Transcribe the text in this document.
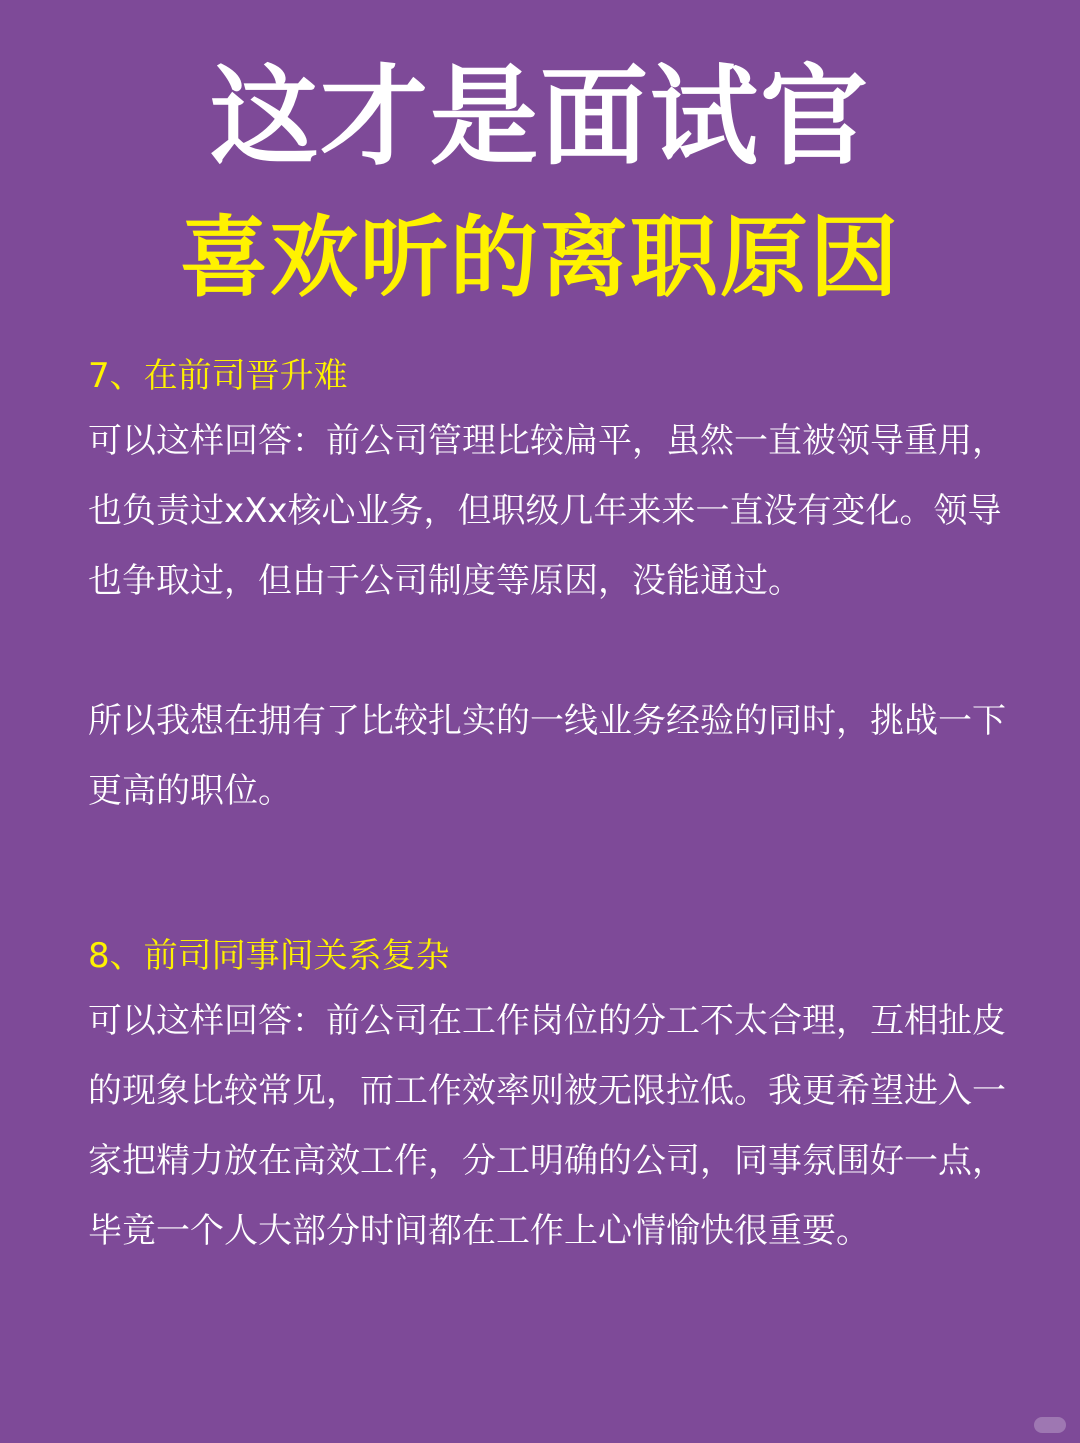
这才是面试官
喜欢听的离职原因

7、在前司晋升难

可以这样回答：前公司管理比较扁平，虽然一直被领导重用，也负责过xXx核心业务，但职级几年来来一直没有变化。领导也争取过，但由于公司制度等原因，没能通过。

所以我想在拥有了比较扎实的一线业务经验的同时，挑战一下更高的职位。

8、前司同事间关系复杂

可以这样回答：前公司在工作岗位的分工不太合理，互相扯皮的现象比较常见，而工作效率则被无限拉低。我更希望进入一家把精力放在高效工作，分工明确的公司，同事氛围好一点，毕竟一个人大部分时间都在工作上心情愉快很重要。
